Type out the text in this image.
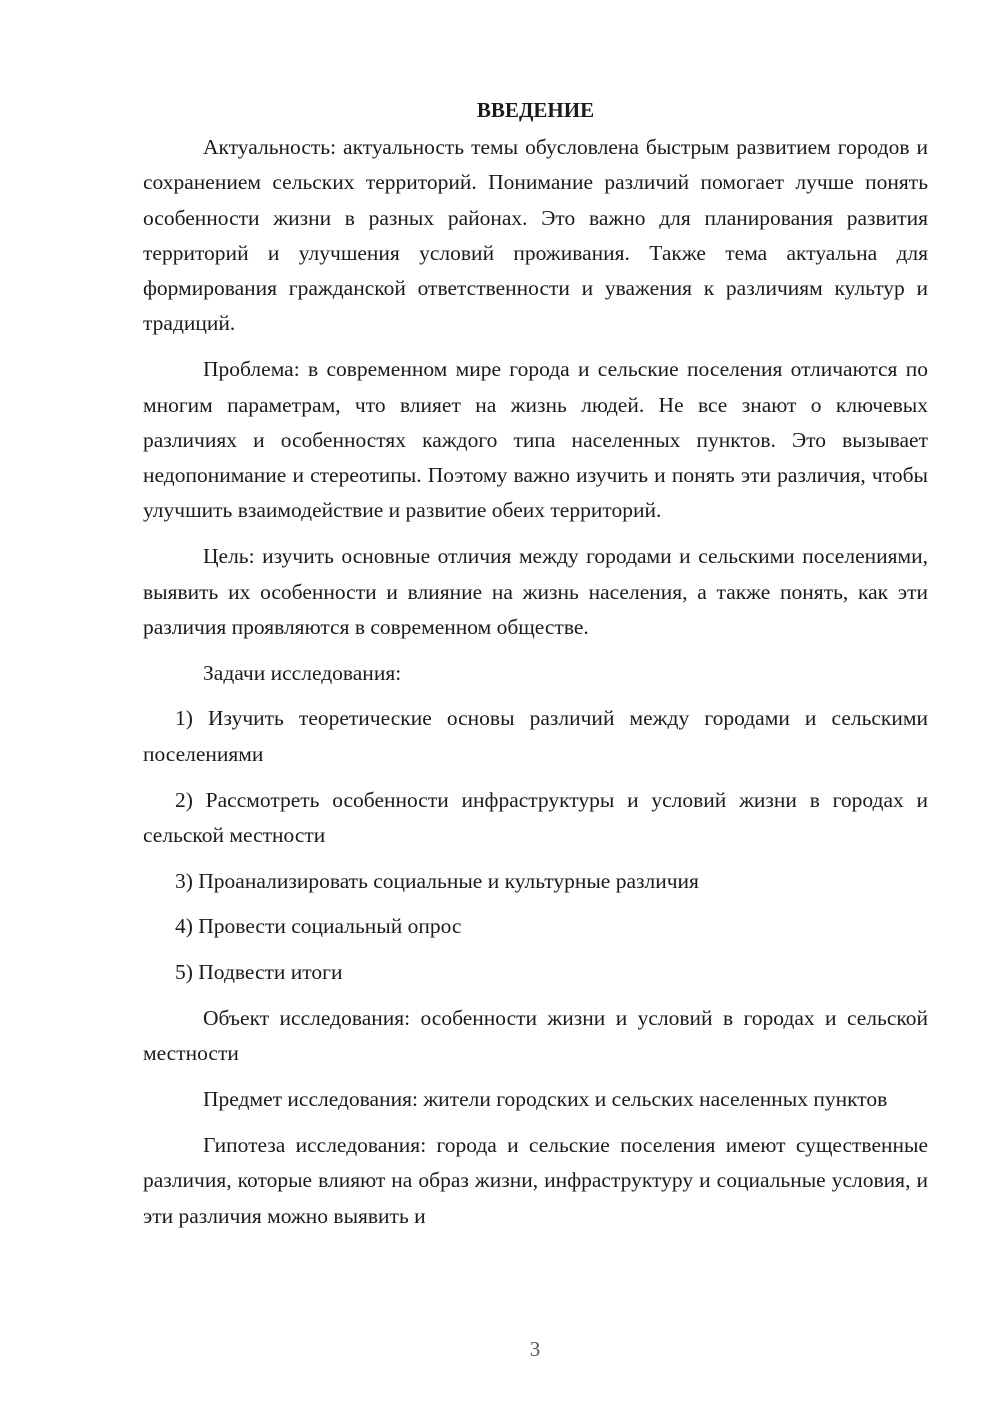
ВВЕДЕНИЕ

Актуальность: актуальность темы обусловлена быстрым развитием городов и сохранением сельских территорий. Понимание различий помогает лучше понять особенности жизни в разных районах. Это важно для планирования развития территорий и улучшения условий проживания. Также тема актуальна для формирования гражданской ответственности и уважения к различиям культур и традиций.

Проблема: в современном мире города и сельские поселения отличаются по многим параметрам, что влияет на жизнь людей. Не все знают о ключевых различиях и особенностях каждого типа населенных пунктов. Это вызывает недопонимание и стереотипы. Поэтому важно изучить и понять эти различия, чтобы улучшить взаимодействие и развитие обеих территорий.

Цель: изучить основные отличия между городами и сельскими поселениями, выявить их особенности и влияние на жизнь населения, а также понять, как эти различия проявляются в современном обществе.

Задачи исследования:

1) Изучить теоретические основы различий между городами и сельскими поселениями

2) Рассмотреть особенности инфраструктуры и условий жизни в городах и сельской местности

3) Проанализировать социальные и культурные различия

4) Провести социальный опрос

5) Подвести итоги

Объект исследования: особенности жизни и условий в городах и сельской местности

Предмет исследования: жители городских и сельских населенных пунктов

Гипотеза исследования: города и сельские поселения имеют существенные различия, которые влияют на образ жизни, инфраструктуру и социальные условия, и эти различия можно выявить и

3
